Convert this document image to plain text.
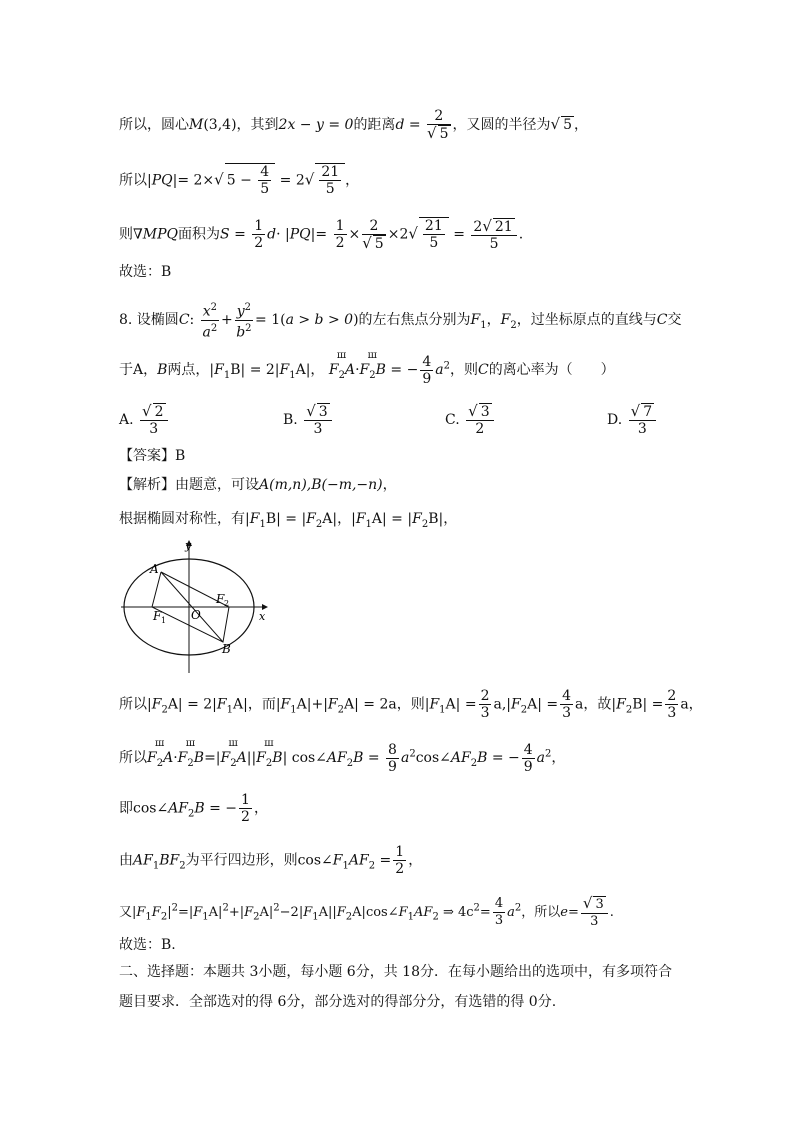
所以，圆心M(3,4)，其到2x − y = 0的距离$d = \frac{2}{√ 5}$ ，又圆的半径为√ 5 ，
所以|PQ|= 2×√ $5 - \frac{4}{5} = 2√ \frac{21}{5}$ ，
则∇MPQ面积为$S = \frac{1}{2} d\cdot |PQ|= \frac{1}{2} \times \frac{2}{√ 5} \times 2√ \frac{21}{5} = \frac{2√ 21}{5}$ .
故选：B
8. 设椭圆C: $\frac{x^2}{a^2} + \frac{y^2}{b^2} = 1(a > b > 0)$的左右焦点分别为$F_1$，$F_2$，过坐标原点的直线与C交
于A，B两点，$|F_1B| = 2|F_1A|$， ш $F_2A\cdot ш$ $F_2B$ = − $\frac{4}{9} a^2$，则C的离心率为（　　）
A. $\frac{√ 2}{3}$	B. $\frac{√ 3}{3}$	C. $\frac{√ 3}{2}$	D. $\frac{√ 7}{3}$
【答案】B
【解析】由题意，可设A(m,n),B(−m,−n)，
根据椭圆对称性，有$|F_1B| = |F_2A|$，$|F_1A| = |F_2B|$，
y
x
A
B
O
F 1
F 2
所以$|F_2A| = 2|F_1A|$，而$|F_1A|+|F_2A| = 2a$，则$|F_1A| = \frac{2}{3} a,|F_2A| = \frac{4}{3}$ a，故$|F_2B| = \frac{2}{3}$ a，
所以ш $F_2A\cdot ш$ $F_2B=|ш$ $F_2A||ш$ $F_2B|$ $\cos\angle AF_2B = \frac{8}{9}$ $a^2\cos\angle AF_2B$ = − $\frac{4}{9} a^2$，
即$\cos\angle AF_2B$ = − $\frac{1}{2}$ ，
由$AF_1BF_2$为平行四边形，则$\cos\angle F_1AF_2 = \frac{1}{2}$ ，
又$|F_1F_2|^2=|F_1A|^2+|F_2A|^2-2|F_1A||F_2A|\cos\angle F_1AF_2$ ⇒ $4c^2= \frac{4}{3} a^2$，所以$e= \frac{√ 3}{3}$ .
故选：B.
二、选择题：本题共 3小题，每小题 6分，共 18分．在每小题给出的选项中，有多项符合
题目要求．全部选对的得 6分，部分选对的得部分分，有选错的得 0分.
